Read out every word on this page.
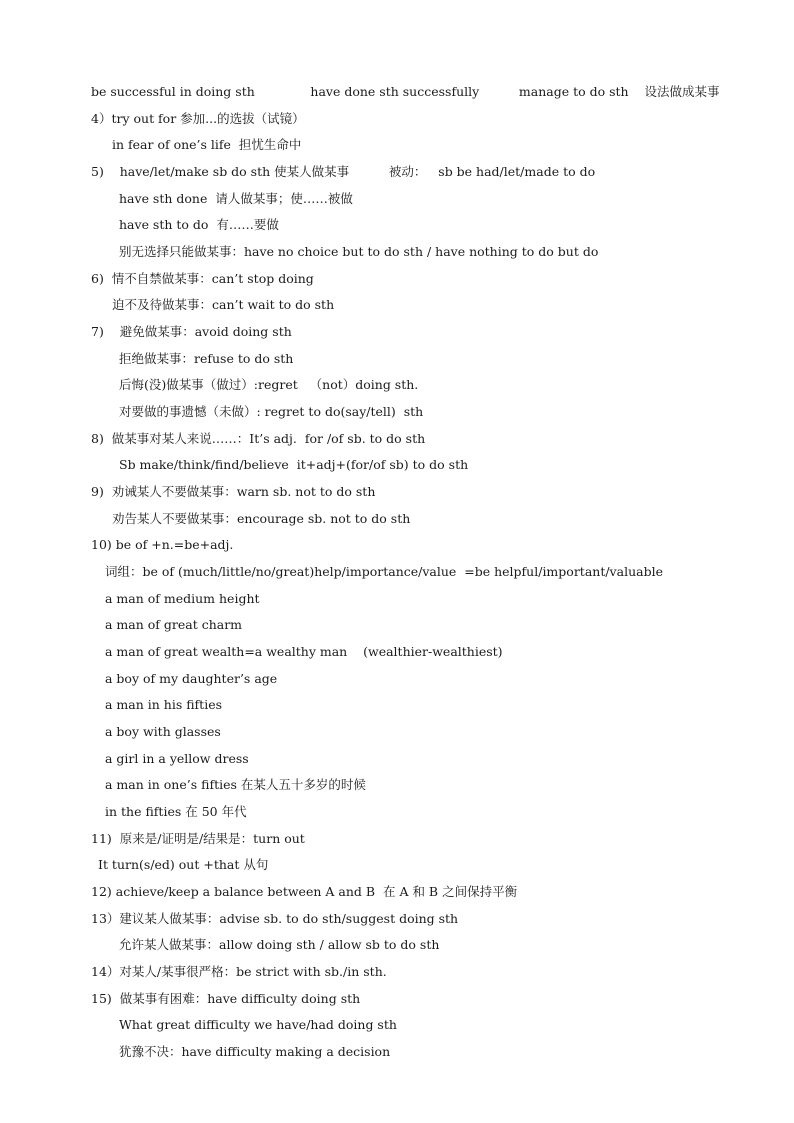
be successful in doing sth              have done sth successfully          manage to do sth    设法做成某事
4）try out for 参加...的选拔（试镜）
in fear of one’s life  担忧生命中
5)    have/let/make sb do sth 使某人做某事          被动：   sb be had/let/made to do
have sth done  请人做某事；使……被做
have sth to do  有……要做
别无选择只能做某事：have no choice but to do sth / have nothing to do but do
6)  情不自禁做某事：can’t stop doing
迫不及待做某事：can’t wait to do sth
7)    避免做某事：avoid doing sth
拒绝做某事：refuse to do sth
后悔(没)做某事（做过）:regret   （not）doing sth.
对要做的事遗憾（未做）: regret to do(say/tell)  sth
8)  做某事对某人来说……：It’s adj.  for /of sb. to do sth
Sb make/think/find/believe  it+adj+(for/of sb) to do sth
9)  劝诫某人不要做某事：warn sb. not to do sth
劝告某人不要做某事：encourage sb. not to do sth
10) be of +n.=be+adj.
词组：be of (much/little/no/great)help/importance/value  =be helpful/important/valuable
a man of medium height
a man of great charm
a man of great wealth=a wealthy man    (wealthier-wealthiest)
a boy of my daughter’s age
a man in his fifties
a boy with glasses
a girl in a yellow dress
a man in one’s fifties 在某人五十多岁的时候
in the fifties 在 50 年代
11)  原来是/证明是/结果是：turn out
It turn(s/ed) out +that 从句
12) achieve/keep a balance between A and B  在 A 和 B 之间保持平衡
13）建议某人做某事：advise sb. to do sth/suggest doing sth
允许某人做某事：allow doing sth / allow sb to do sth
14）对某人/某事很严格：be strict with sb./in sth.
15)  做某事有困难：have difficulty doing sth
What great difficulty we have/had doing sth
犹豫不决：have difficulty making a decision
